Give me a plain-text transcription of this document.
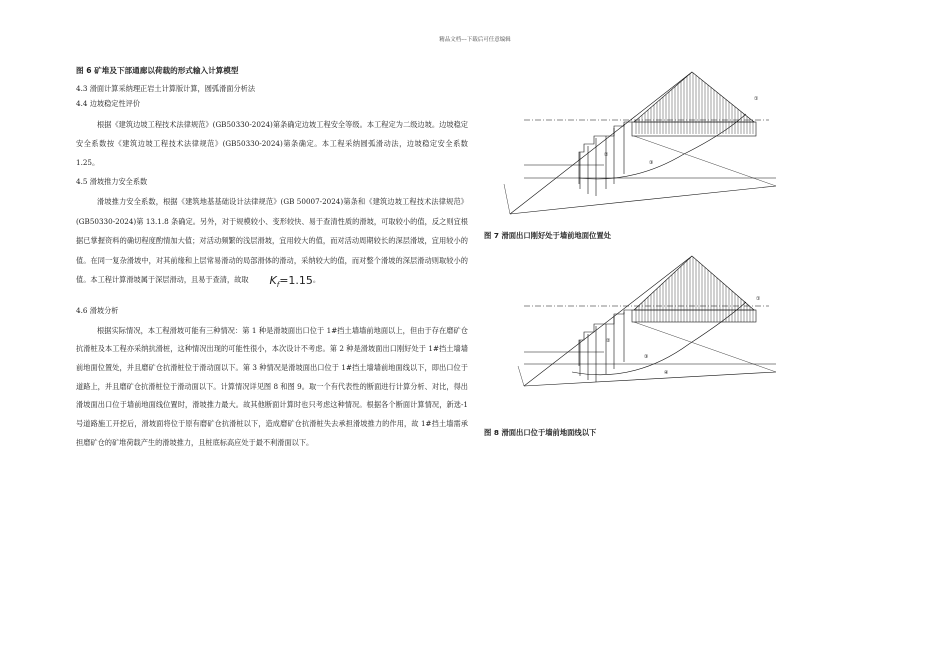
精品文档---下载后可任意编辑
图 6 矿堆及下部通廊以荷载的形式输入计算模型

4.3 滑面计算采纳理正岩土计算版计算，圆弧滑面分析法

4.4 边坡稳定性评价

根据《建筑边坡工程技术法律规范》(GB50330-2024)第条确定边坡工程安全等级。本工程定为二级边坡。边坡稳定安全系数按《建筑边坡工程技术法律规范》(GB50330-2024)第条确定。本工程采纳圆弧滑动法，边坡稳定安全系数 1.25。

4.5 滑坡推力安全系数

滑坡推力安全系数，根据《建筑地基基础设计法律规范》(GB 50007-2024)第条和《建筑边坡工程技术法律规范》(GB50330-2024)第 13.1.8 条确定。另外，对于规模较小、变形较快、易于查清性质的滑坡，可取较小的值，反之则宜根据已掌握资料的确切程度酌情加大值；对活动频繁的浅层滑坡，宜用较大的值，而对活动周期较长的深层滑坡，宜用较小的值。在同一复杂滑坡中，对其前缘和上层常易滑动的局部滑体的滑动，采纳较大的值，而对整个滑坡的深层滑动则取较小的值。本工程计算滑坡属于深层滑动，且易于查清，故取 $K_f=1.15$。

4.6 滑坡分析

根据实际情况，本工程滑坡可能有三种情况：第 1 种是滑坡面出口位于 1#挡土墙墙前地面以上，但由于存在磨矿仓抗滑桩及本工程亦采纳抗滑桩，这种情况出现的可能性很小，本次设计不考虑。第 2 种是滑坡面出口刚好处于 1#挡土墙墙前地面位置处，并且磨矿仓抗滑桩位于滑动面以下。第 3 种情况是滑坡面出口位于 1#挡土墙墙前地面线以下，即出口位于道路上，并且磨矿仓抗滑桩位于滑动面以下。计算情况详见图 8 和图 9。取一个有代表性的断面进行计算分析、对比，得出滑坡面出口位于墙前地面线位置时，滑坡推力最大。故其他断面计算时也只考虑这种情况。根据各个断面计算情况，新选-1 号道路施工开挖后，滑坡面将位于原有磨矿仓抗滑桩以下，造成磨矿仓抗滑桩失去承担滑坡推力的作用，故 1#挡土墙需承担磨矿仓的矿堆荷载产生的滑坡推力，且桩底标高应处于最不利滑面以下。

①
②
③
图 7 滑面出口刚好处于墙前地面位置处
①
②
③
④
图 8 滑面出口位于墙前地面线以下
